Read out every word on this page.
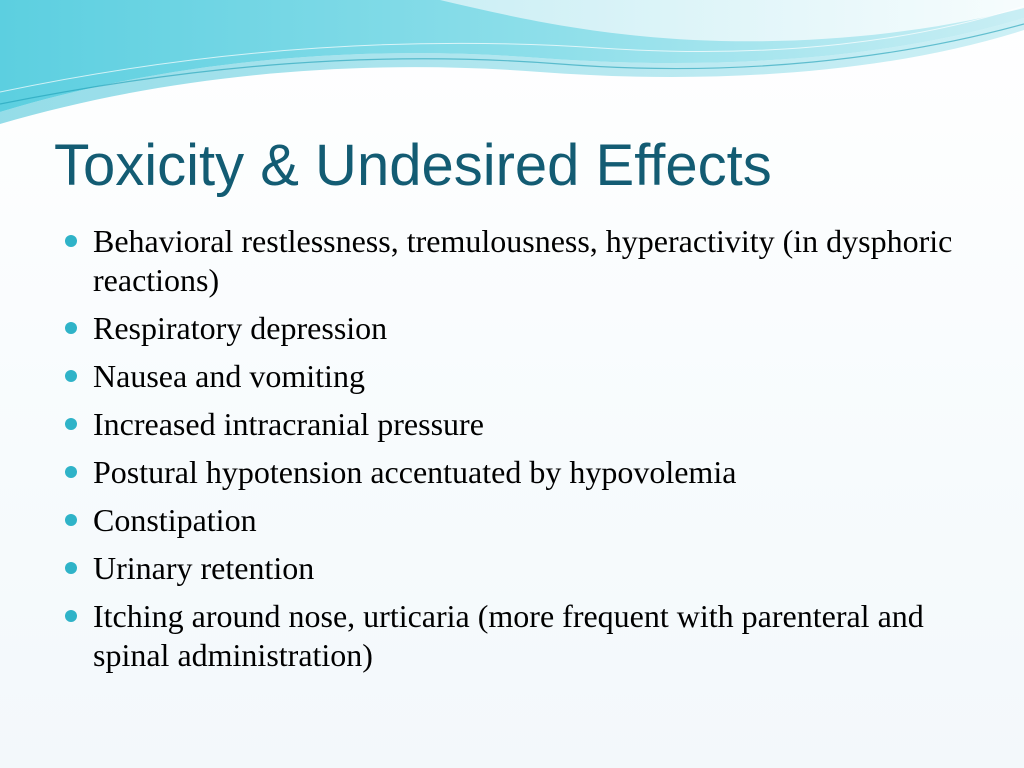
Toxicity & Undesired Effects
Behavioral restlessness, tremulousness, hyperactivity (in dysphoric reactions)
Respiratory depression
Nausea and vomiting
Increased intracranial pressure
Postural hypotension accentuated by hypovolemia
Constipation
Urinary retention
Itching around nose, urticaria (more frequent with parenteral and spinal administration)
